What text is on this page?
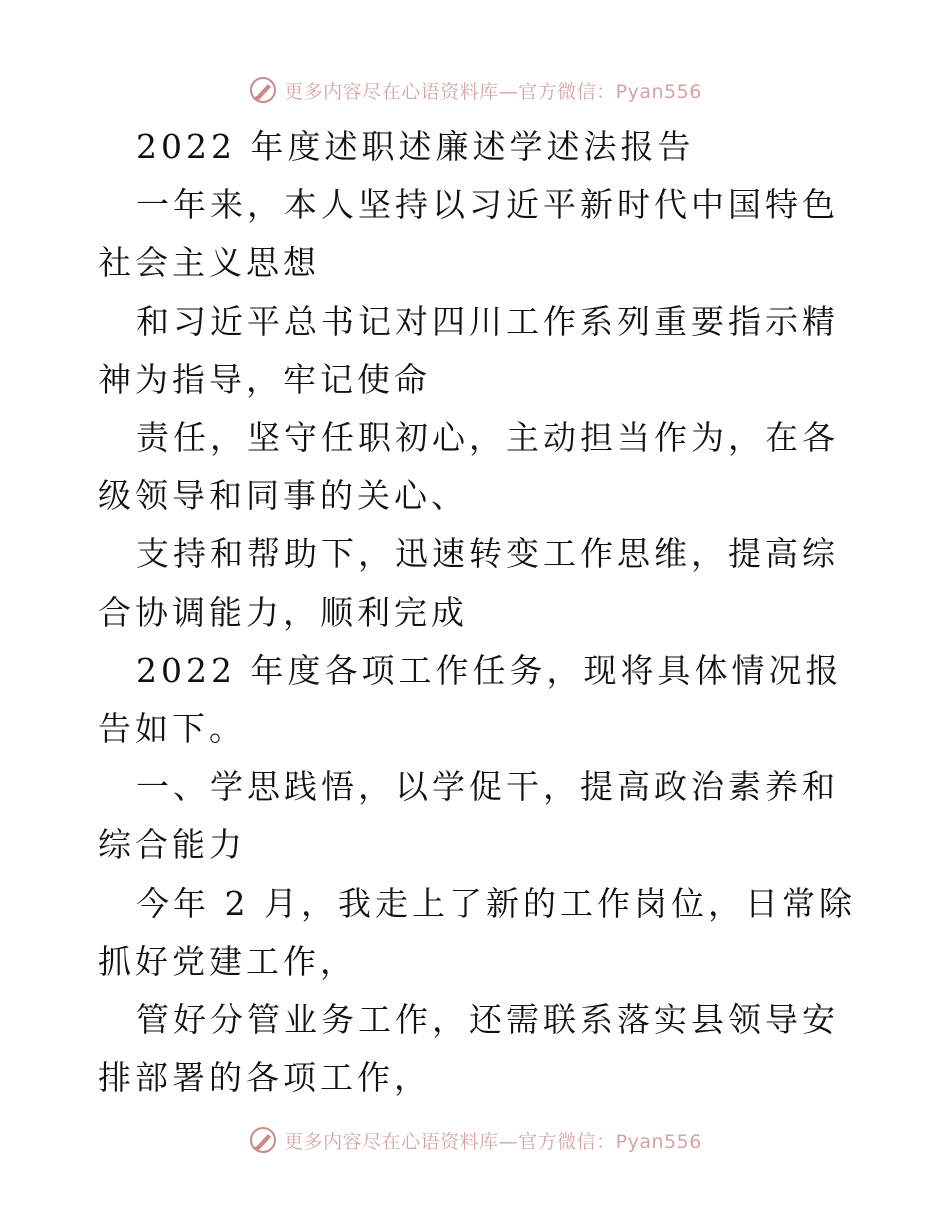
更多内容尽在心语资料库—官方微信：Pyan556

2022 年度述职述廉述学述法报告

一年来，本人坚持以习近平新时代中国特色社会主义思想

和习近平总书记对四川工作系列重要指示精神为指导，牢记使命

责任，坚守任职初心，主动担当作为，在各级领导和同事的关心、

支持和帮助下，迅速转变工作思维，提高综合协调能力，顺利完成

2022 年度各项工作任务，现将具体情况报告如下。

一、学思践悟，以学促干，提高政治素养和综合能力

今年 2 月，我走上了新的工作岗位，日常除抓好党建工作，

管好分管业务工作，还需联系落实县领导安排部署的各项工作，

更多内容尽在心语资料库—官方微信：Pyan556
